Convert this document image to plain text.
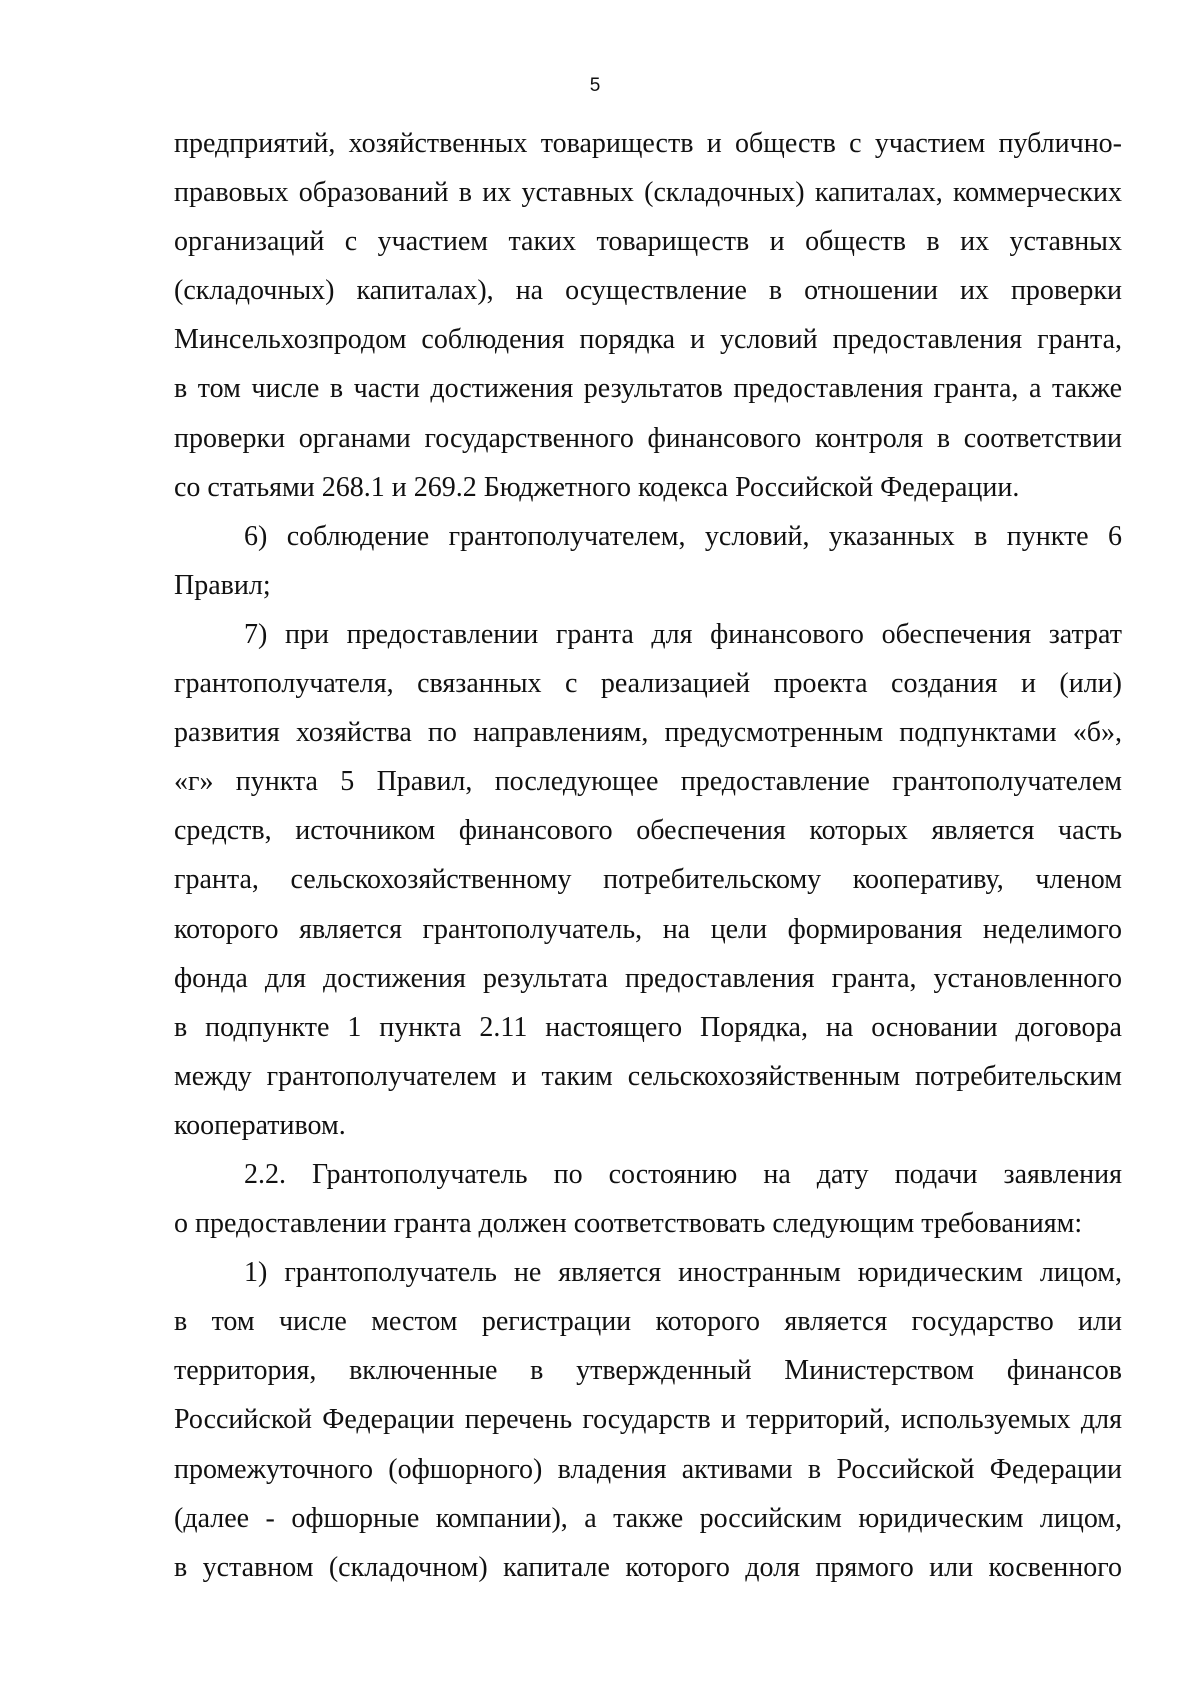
5
предприятий, хозяйственных товариществ и обществ с участием публично-
правовых образований в их уставных (складочных) капиталах, коммерческих
организаций с участием таких товариществ и обществ в их уставных
(складочных) капиталах), на осуществление в отношении их проверки
Минсельхозпродом соблюдения порядка и условий предоставления гранта,
в том числе в части достижения результатов предоставления гранта, а также
проверки органами государственного финансового контроля в соответствии
со статьями 268.1 и 269.2 Бюджетного кодекса Российской Федерации.
6) соблюдение грантополучателем, условий, указанных в пункте 6
Правил;
7) при предоставлении гранта для финансового обеспечения затрат
грантополучателя, связанных с реализацией проекта создания и (или)
развития хозяйства по направлениям, предусмотренным подпунктами «б»,
«г» пункта 5 Правил, последующее предоставление грантополучателем
средств, источником финансового обеспечения которых является часть
гранта, сельскохозяйственному потребительскому кооперативу, членом
которого является грантополучатель, на цели формирования неделимого
фонда для достижения результата предоставления гранта, установленного
в подпункте 1 пункта 2.11 настоящего Порядка, на основании договора
между грантополучателем и таким сельскохозяйственным потребительским
кооперативом.
2.2. Грантополучатель по состоянию на дату подачи заявления
о предоставлении гранта должен соответствовать следующим требованиям:
1) грантополучатель не является иностранным юридическим лицом,
в том числе местом регистрации которого является государство или
территория, включенные в утвержденный Министерством финансов
Российской Федерации перечень государств и территорий, используемых для
промежуточного (офшорного) владения активами в Российской Федерации
(далее - офшорные компании), а также российским юридическим лицом,
в уставном (складочном) капитале которого доля прямого или косвенного
